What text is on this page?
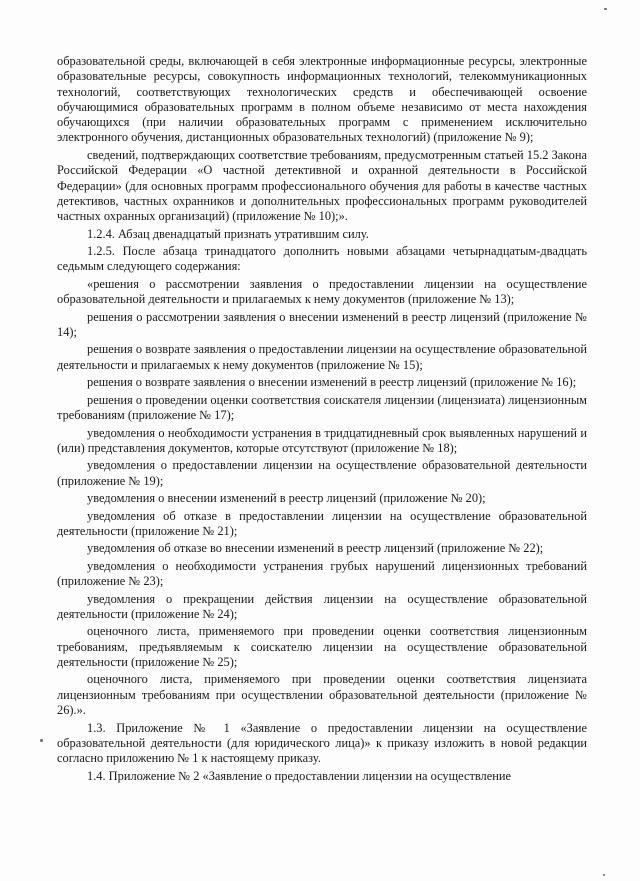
образовательной среды, включающей в себя электронные информационные ресурсы, электронные образовательные ресурсы, совокупность информационных технологий, телекоммуникационных технологий, соответствующих технологических средств и обеспечивающей освоение обучающимися образовательных программ в полном объеме независимо от места нахождения обучающихся (при наличии образовательных программ с применением исключительно электронного обучения, дистанционных образовательных технологий) (приложение № 9);

сведений, подтверждающих соответствие требованиям, предусмотренным статьей 15.2 Закона Российской Федерации «О частной детективной и охранной деятельности в Российской Федерации» (для основных программ профессионального обучения для работы в качестве частных детективов, частных охранников и дополнительных профессиональных программ руководителей частных охранных организаций) (приложение № 10);».

1.2.4. Абзац двенадцатый признать утратившим силу.

1.2.5. После абзаца тринадцатого дополнить новыми абзацами четырнадцатым-двадцать седьмым следующего содержания:

«решения о рассмотрении заявления о предоставлении лицензии на осуществление образовательной деятельности и прилагаемых к нему документов (приложение № 13);

решения о рассмотрении заявления о внесении изменений в реестр лицензий (приложение № 14);

решения о возврате заявления о предоставлении лицензии на осуществление образовательной деятельности и прилагаемых к нему документов (приложение № 15);

решения о возврате заявления о внесении изменений в реестр лицензий (приложение № 16);

решения о проведении оценки соответствия соискателя лицензии (лицензиата) лицензионным требованиям (приложение № 17);

уведомления о необходимости устранения в тридцатидневный срок выявленных нарушений и (или) представления документов, которые отсутствуют (приложение № 18);

уведомления о предоставлении лицензии на осуществление образовательной деятельности (приложение № 19);

уведомления о внесении изменений в реестр лицензий (приложение № 20);

уведомления об отказе в предоставлении лицензии на осуществление образовательной деятельности (приложение № 21);

уведомления об отказе во внесении изменений в реестр лицензий (приложение № 22);

уведомления о необходимости устранения грубых нарушений лицензионных требований (приложение № 23);

уведомления о прекращении действия лицензии на осуществление образовательной деятельности (приложение № 24);

оценочного листа, применяемого при проведении оценки соответствия лицензионным требованиям, предъявляемым к соискателю лицензии на осуществление образовательной деятельности (приложение № 25);

оценочного листа, применяемого при проведении оценки соответствия лицензиата лицензионным требованиям при осуществлении образовательной деятельности (приложение № 26).».

1.3. Приложение № 1 «Заявление о предоставлении лицензии на осуществление образовательной деятельности (для юридического лица)» к приказу изложить в новой редакции согласно приложению № 1 к настоящему приказу.

1.4. Приложение № 2 «Заявление о предоставлении лицензии на осуществление
